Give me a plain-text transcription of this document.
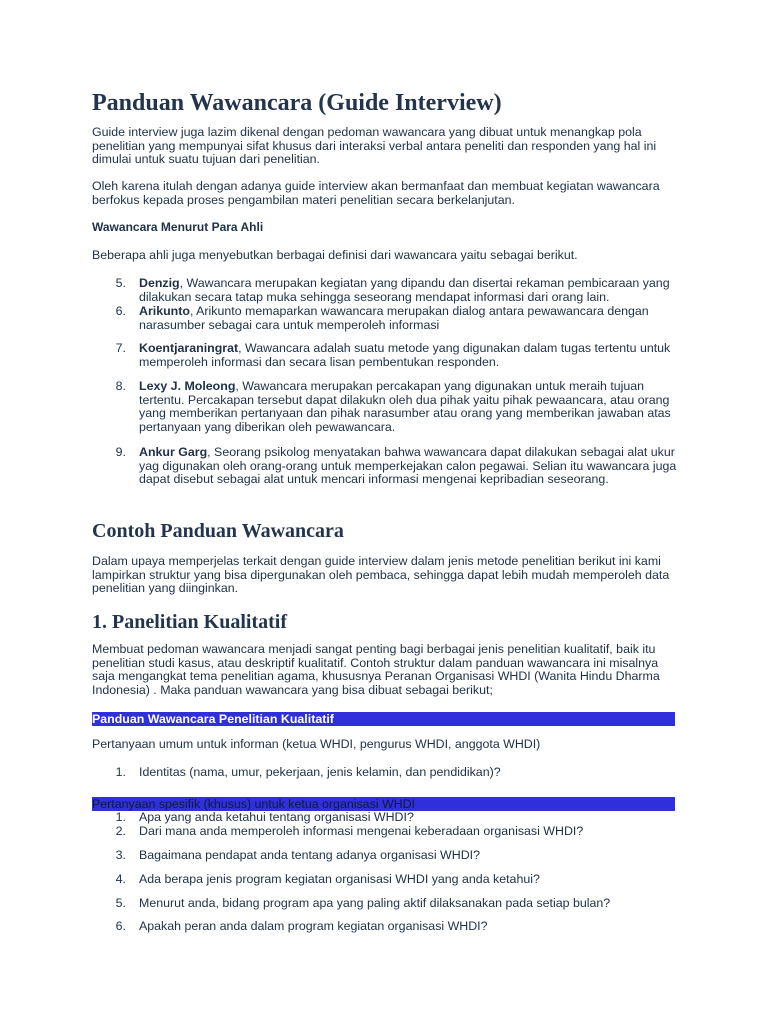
Panduan Wawancara (Guide Interview)

Guide interview juga lazim dikenal dengan pedoman wawancara yang dibuat untuk menangkap pola penelitian yang mempunyai sifat khusus dari interaksi verbal antara peneliti dan responden yang hal ini dimulai untuk suatu tujuan dari penelitian.

Oleh karena itulah dengan adanya guide interview akan bermanfaat dan membuat kegiatan wawancara berfokus kepada proses pengambilan materi penelitian secara berkelanjutan.

Wawancara Menurut Para Ahli

Beberapa ahli juga menyebutkan berbagai definisi dari wawancara yaitu sebagai berikut.

5. Denzig, Wawancara merupakan kegiatan yang dipandu dan disertai rekaman pembicaraan yang dilakukan secara tatap muka sehingga seseorang mendapat informasi dari orang lain.
6. Arikunto, Arikunto memaparkan wawancara merupakan dialog antara pewawancara dengan narasumber sebagai cara untuk memperoleh informasi
7. Koentjaraningrat, Wawancara adalah suatu metode yang digunakan dalam tugas tertentu untuk memperoleh informasi dan secara lisan pembentukan responden.
8. Lexy J. Moleong, Wawancara merupakan percakapan yang digunakan untuk meraih tujuan tertentu. Percakapan tersebut dapat dilakukn oleh dua pihak yaitu pihak pewaancara, atau orang yang memberikan pertanyaan dan pihak narasumber atau orang yang memberikan jawaban atas pertanyaan yang diberikan oleh pewawancara.
9. Ankur Garg, Seorang psikolog menyatakan bahwa wawancara dapat dilakukan sebagai alat ukur yag digunakan oleh orang-orang untuk memperkejakan calon pegawai. Selian itu wawancara juga dapat disebut sebagai alat untuk mencari informasi mengenai kepribadian seseorang.
Contoh Panduan Wawancara

Dalam upaya memperjelas terkait dengan guide interview dalam jenis metode penelitian berikut ini kami lampirkan struktur yang bisa dipergunakan oleh pembaca, sehingga dapat lebih mudah memperoleh data penelitian yang diinginkan.

1. Panelitian Kualitatif

Membuat pedoman wawancara menjadi sangat penting bagi berbagai jenis penelitian kualitatif, baik itu penelitian studi kasus, atau deskriptif kualitatif. Contoh struktur dalam panduan wawancara ini misalnya saja mengangkat tema penelitian agama, khususnya Peranan Organisasi WHDI (Wanita Hindu Dharma Indonesia) . Maka panduan wawancara yang bisa dibuat sebagai berikut;

Panduan Wawancara Penelitian Kualitatif

Pertanyaan umum untuk informan (ketua WHDI, pengurus WHDI, anggota WHDI)

1. Identitas (nama, umur, pekerjaan, jenis kelamin, dan pendidikan)?
Pertanyaan spesifik (khusus) untuk ketua organisasi WHDI
1. Apa yang anda ketahui tentang organisasi WHDI?
2. Dari mana anda memperoleh informasi mengenai keberadaan organisasi WHDI?
3. Bagaimana pendapat anda tentang adanya organisasi WHDI?
4. Ada berapa jenis program kegiatan organisasi WHDI yang anda ketahui?
5. Menurut anda, bidang program apa yang paling aktif dilaksanakan pada setiap bulan?
6. Apakah peran anda dalam program kegiatan organisasi WHDI?
